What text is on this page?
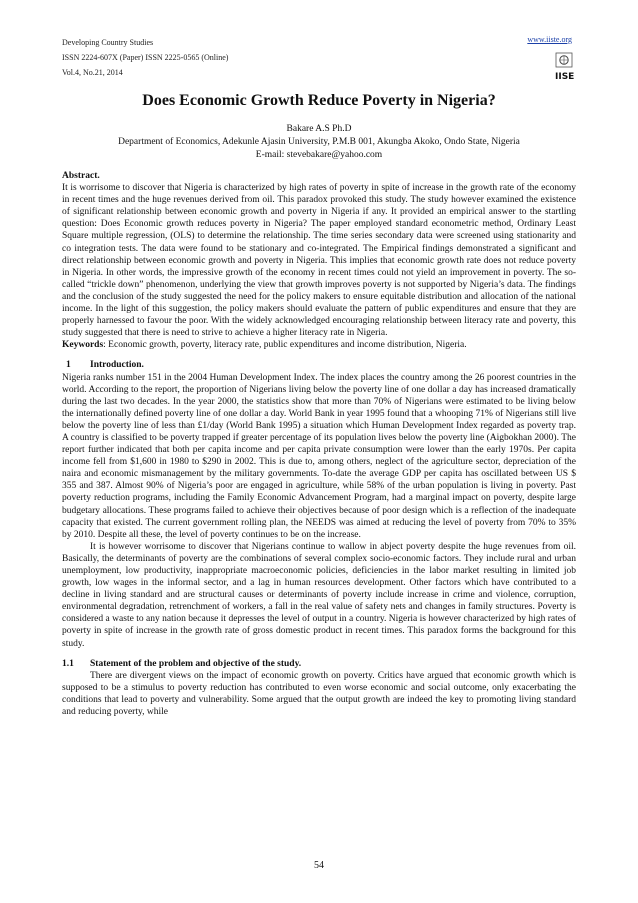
Developing Country Studies
ISSN 2224-607X (Paper) ISSN 2225-0565 (Online)
Vol.4, No.21, 2014
www.iiste.org
IISE
Does Economic Growth Reduce Poverty in Nigeria?
Bakare A.S Ph.D
Department of Economics, Adekunle Ajasin University, P.M.B 001, Akungba Akoko, Ondo State, Nigeria
E-mail: stevebakare@yahoo.com

Abstract.

It is worrisome to discover that Nigeria is characterized by high rates of poverty in spite of increase in the growth rate of the economy in recent times and the huge revenues derived from oil. This paradox provoked this study. The study however examined the existence of significant relationship between economic growth and poverty in Nigeria if any. It provided an empirical answer to the startling question: Does Economic growth reduces poverty in Nigeria? The paper employed standard econometric method, Ordinary Least Square multiple regression, (OLS) to determine the relationship. The time series secondary data were screened using stationarity and co integration tests. The data were found to be stationary and co-integrated. The Empirical findings demonstrated a significant and direct relationship between economic growth and poverty in Nigeria. This implies that economic growth rate does not reduce poverty in Nigeria. In other words, the impressive growth of the economy in recent times could not yield an improvement in poverty. The so-called “trickle down” phenomenon, underlying the view that growth improves poverty is not supported by Nigeria’s data. The findings and the conclusion of the study suggested the need for the policy makers to ensure equitable distribution and allocation of the national income. In the light of this suggestion, the policy makers should evaluate the pattern of public expenditures and ensure that they are properly harnessed to favour the poor. With the widely acknowledged encouraging relationship between literacy rate and poverty, this study suggested that there is need to strive to achieve a higher literacy rate in Nigeria.

Keywords: Economic growth, poverty, literacy rate, public expenditures and income distribution, Nigeria.

1 Introduction.

Nigeria ranks number 151 in the 2004 Human Development Index. The index places the country among the 26 poorest countries in the world. According to the report, the proportion of Nigerians living below the poverty line of one dollar a day has increased dramatically during the last two decades. In the year 2000, the statistics show that more than 70% of Nigerians were estimated to be living below the internationally defined poverty line of one dollar a day. World Bank in year 1995 found that a whooping 71% of Nigerians still live below the poverty line of less than £1/day (World Bank 1995) a situation which Human Development Index regarded as poverty trap. A country is classified to be poverty trapped if greater percentage of its population lives below the poverty line (Aigbokhan 2000). The report further indicated that both per capita income and per capita private consumption were lower than the early 1970s. Per capita income fell from $1,600 in 1980 to $290 in 2002. This is due to, among others, neglect of the agriculture sector, depreciation of the naira and economic mismanagement by the military governments. To-date the average GDP per capita has oscillated between US $ 355 and 387. Almost 90% of Nigeria’s poor are engaged in agriculture, while 58% of the urban population is living in poverty. Past poverty reduction programs, including the Family Economic Advancement Program, had a marginal impact on poverty, despite large budgetary allocations. These programs failed to achieve their objectives because of poor design which is a reflection of the inadequate capacity that existed. The current government rolling plan, the NEEDS was aimed at reducing the level of poverty from 70% to 35% by 2010. Despite all these, the level of poverty continues to be on the increase.

It is however worrisome to discover that Nigerians continue to wallow in abject poverty despite the huge revenues from oil. Basically, the determinants of poverty are the combinations of several complex socio-economic factors. They include rural and urban unemployment, low productivity, inappropriate macroeconomic policies, deficiencies in the labor market resulting in limited job growth, low wages in the informal sector, and a lag in human resources development. Other factors which have contributed to a decline in living standard and are structural causes or determinants of poverty include increase in crime and violence, corruption, environmental degradation, retrenchment of workers, a fall in the real value of safety nets and changes in family structures. Poverty is considered a waste to any nation because it depresses the level of output in a country. Nigeria is however characterized by high rates of poverty in spite of increase in the growth rate of gross domestic product in recent times. This paradox forms the background for this study.

1.1 Statement of the problem and objective of the study.

There are divergent views on the impact of economic growth on poverty. Critics have argued that economic growth which is supposed to be a stimulus to poverty reduction has contributed to even worse economic and social outcome, only exacerbating the conditions that lead to poverty and vulnerability. Some argued that the output growth are indeed the key to promoting living standard and reducing poverty, while

54
